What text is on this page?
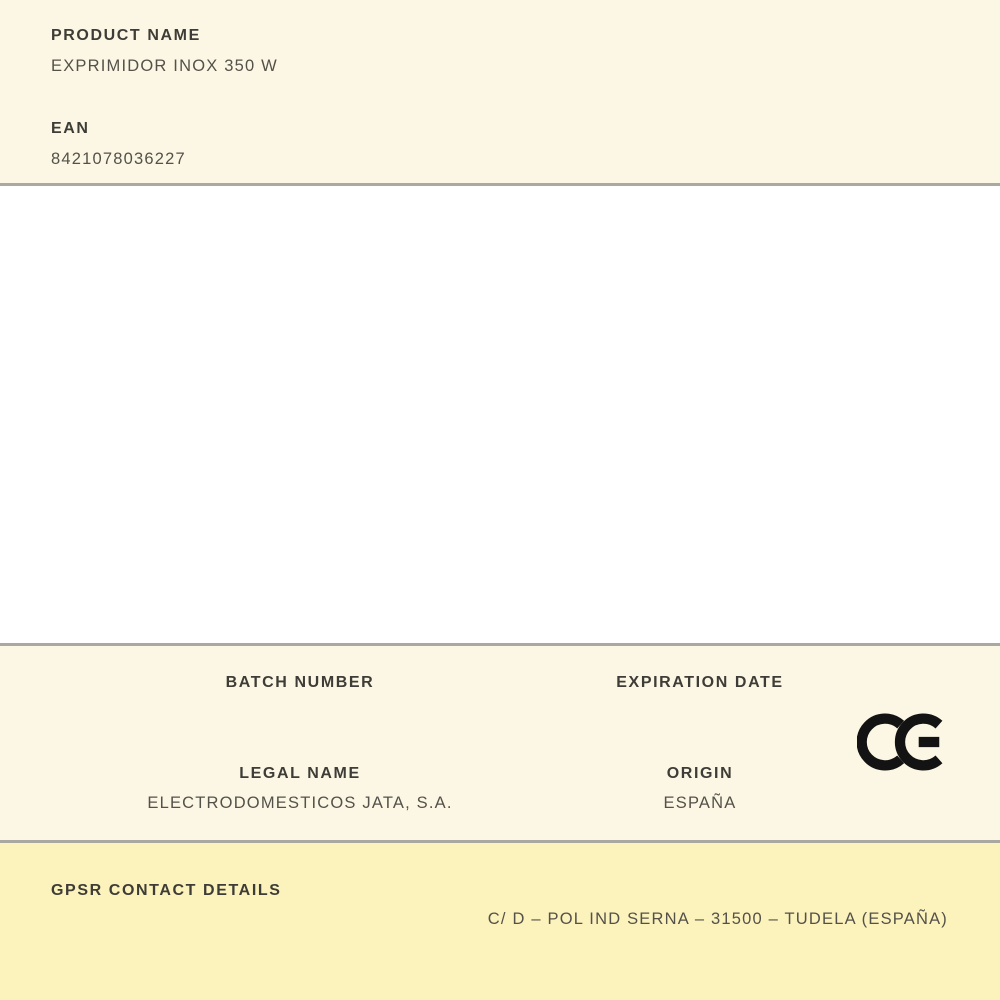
PRODUCT NAME
EXPRIMIDOR INOX 350 W
EAN
8421078036227
BATCH NUMBER
LEGAL NAME
ELECTRODOMESTICOS JATA, S.A.
EXPIRATION DATE
ORIGIN
ESPAÑA
GPSR CONTACT DETAILS
C/ D – POL IND SERNA – 31500 – TUDELA (ESPAÑA)
